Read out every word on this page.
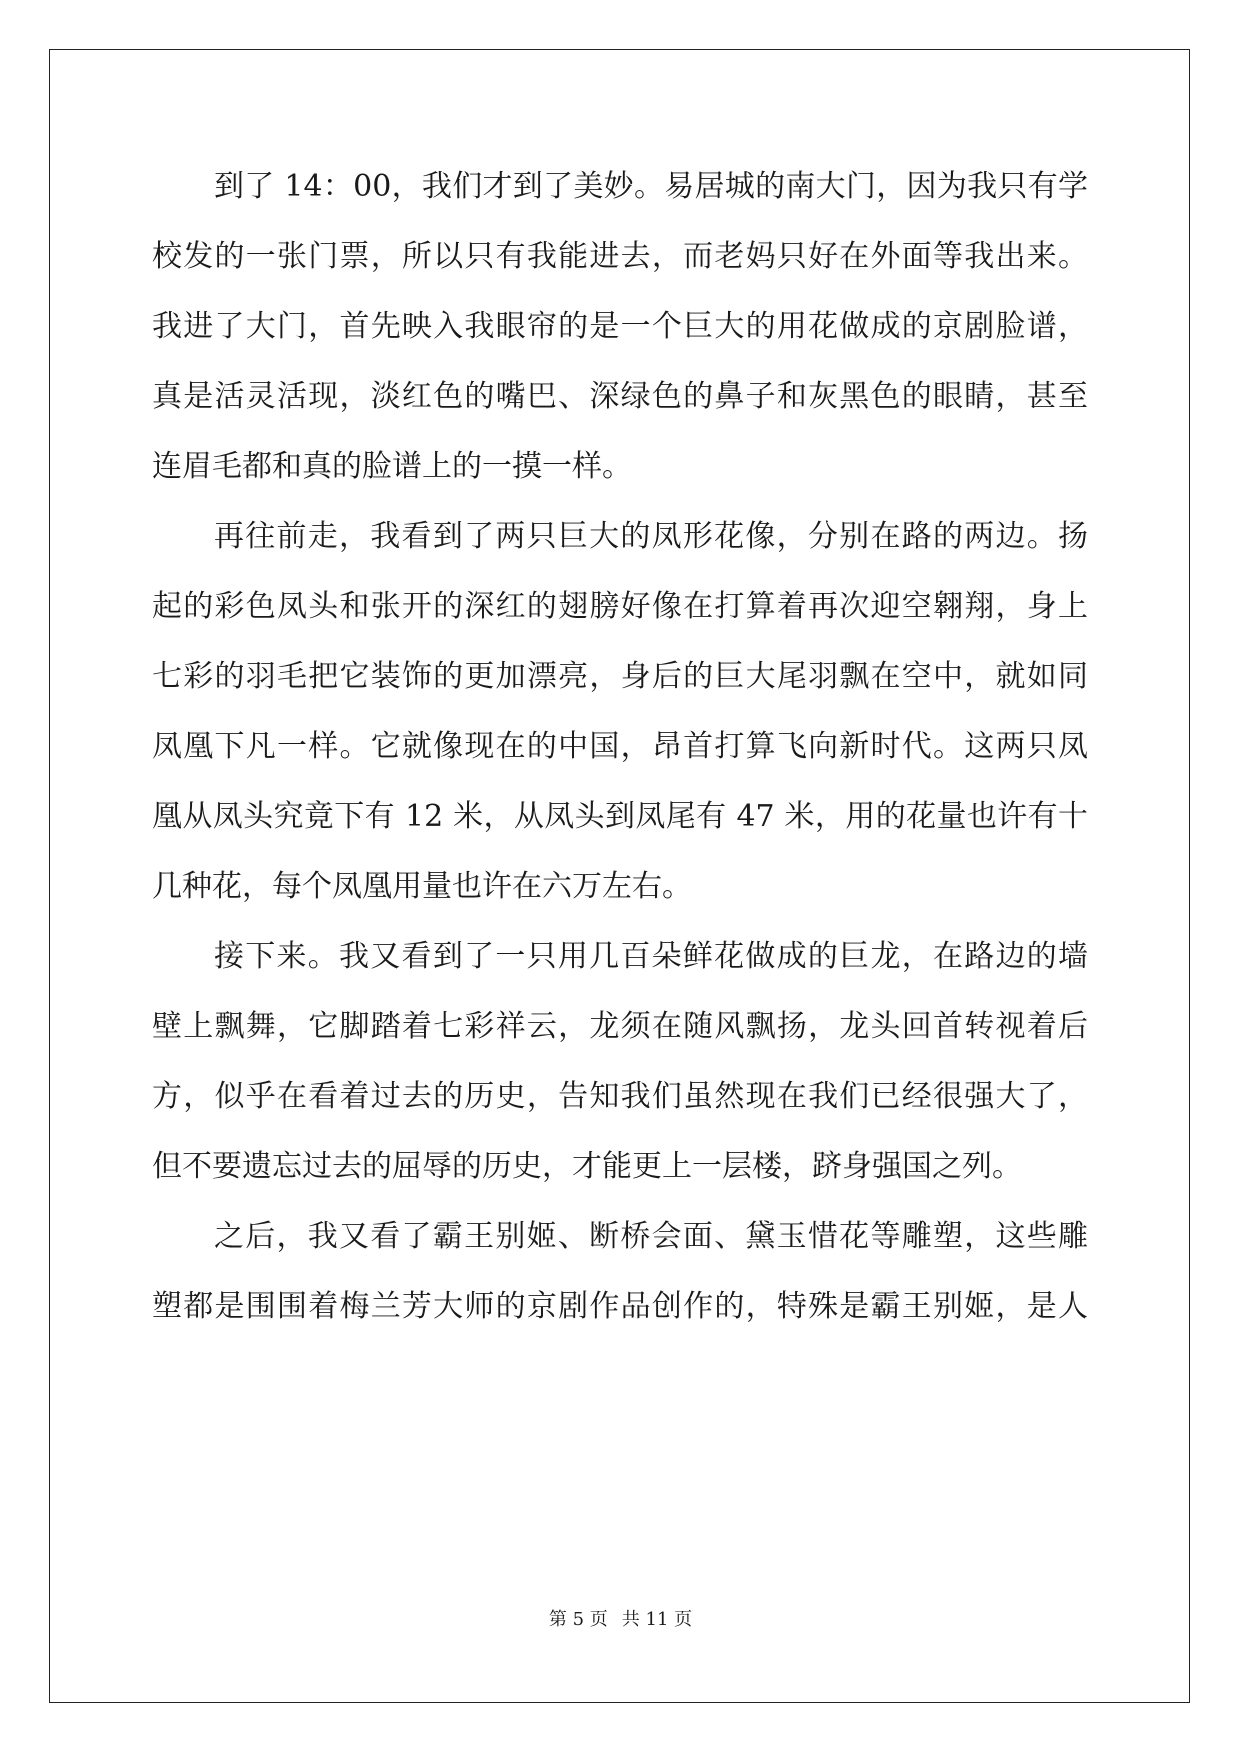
到了 14：00，我们才到了美妙。易居城的南大门，因为我只有学
校发的一张门票，所以只有我能进去，而老妈只好在外面等我出来。
我进了大门，首先映入我眼帘的是一个巨大的用花做成的京剧脸谱，
真是活灵活现，淡红色的嘴巴、深绿色的鼻子和灰黑色的眼睛，甚至
连眉毛都和真的脸谱上的一摸一样。
再往前走，我看到了两只巨大的凤形花像，分别在路的两边。扬
起的彩色凤头和张开的深红的翅膀好像在打算着再次迎空翱翔，身上
七彩的羽毛把它装饰的更加漂亮，身后的巨大尾羽飘在空中，就如同
凤凰下凡一样。它就像现在的中国，昂首打算飞向新时代。这两只凤
凰从凤头究竟下有 12 米，从凤头到凤尾有 47 米，用的花量也许有十
几种花，每个凤凰用量也许在六万左右。
接下来。我又看到了一只用几百朵鲜花做成的巨龙，在路边的墙
壁上飘舞，它脚踏着七彩祥云，龙须在随风飘扬，龙头回首转视着后
方，似乎在看着过去的历史，告知我们虽然现在我们已经很强大了，
但不要遗忘过去的屈辱的历史，才能更上一层楼，跻身强国之列。
之后，我又看了霸王别姬、断桥会面、黛玉惜花等雕塑，这些雕
塑都是围围着梅兰芳大师的京剧作品创作的，特殊是霸王别姬，是人
第 5 页 共 11 页
